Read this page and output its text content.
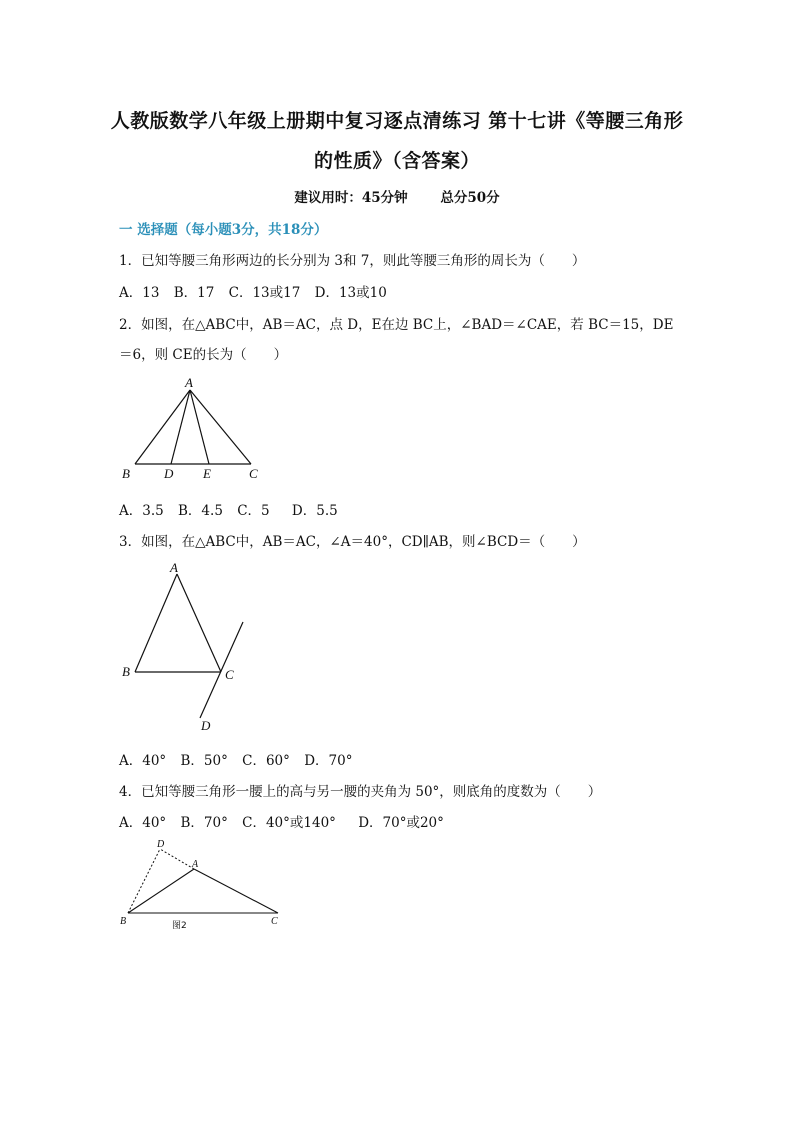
人教版数学八年级上册期中复习逐点清练习 第十七讲《等腰三角形
的性质》（含答案）
建议用时：45分钟 总分50分
一 选择题（每小题3分，共18分）
1．已知等腰三角形两边的长分别为 3和 7，则此等腰三角形的周长为（　　）
A．13 B．17 C．13或17 D．13或10
2．如图，在△ABC中，AB＝AC，点 D，E在边 BC上，∠BAD＝∠CAE，若 BC＝15，DE
＝6，则 CE的长为（　　）
A
B	D E	C
A．3.5 B．4.5 C．5 D．5.5
3．如图，在△ABC中，AB＝AC，∠A＝40°，CD∥AB，则∠BCD＝（　　）
A
B	C
D
A．40° B．50° C．60° D．70°
4．已知等腰三角形一腰上的高与另一腰的夹角为 50°，则底角的度数为（　　）
A．40° B．70° C．40°或140° D．70°或20°
D
A
B	C
图2
